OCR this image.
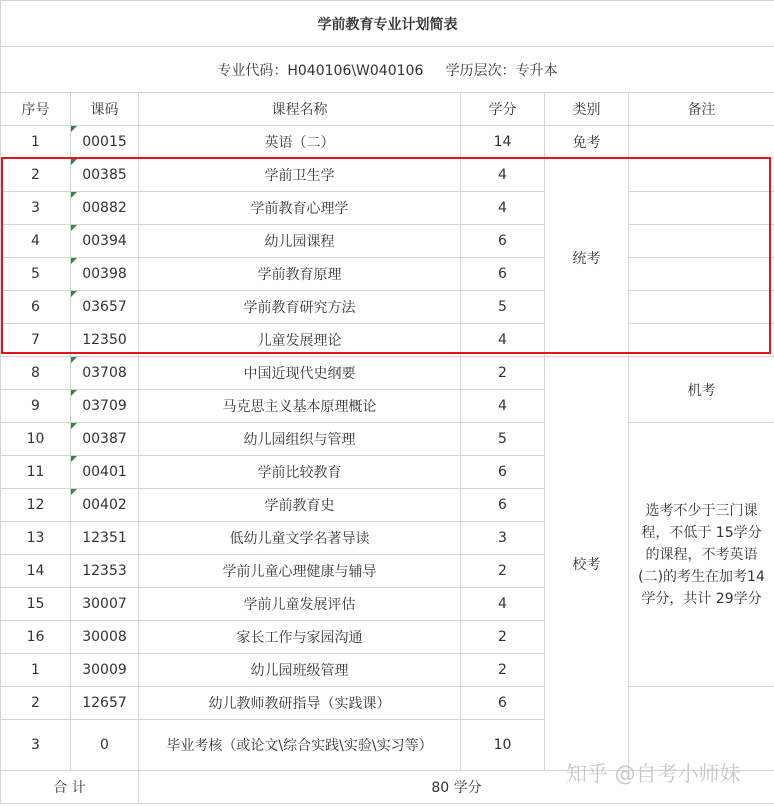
学前教育专业计划简表					
专业代码：H040106\W040106     学历层次：专升本					
序号	课码	课程名称	学分	类别	备注
1	00015	英语（二）	14	免考	
2	00385	学前卫生学	4	统考	
3	00882	学前教育心理学	4		
4	00394	幼儿园课程	6		
5	00398	学前教育原理	6		
6	03657	学前教育研究方法	5		
7	12350	儿童发展理论	4		
8	03708	中国近现代史纲要	2	校考	机考
9	03709	马克思主义基本原理概论	4		
10	00387	幼儿园组织与管理	5		选考不少于三门课程，不低于 15学分的课程，不考英语(二)的考生在加考14学分，共计 29学分
11	00401	学前比较教育	6		
12	00402	学前教育史	6		
13	12351	低幼儿童文学名著导读	3		
14	12353	学前儿童心理健康与辅导	2		
15	30007	学前儿童发展评估	4		
16	30008	家长工作与家园沟通	2		
1	30009	幼儿园班级管理	2		
2	12657	幼儿教师教研指导（实践课）	6		
3	0	毕业考核（或论文\综合实践\实验\实习等）	10		
合 计		80 学分			
知乎 @自考小师妹
